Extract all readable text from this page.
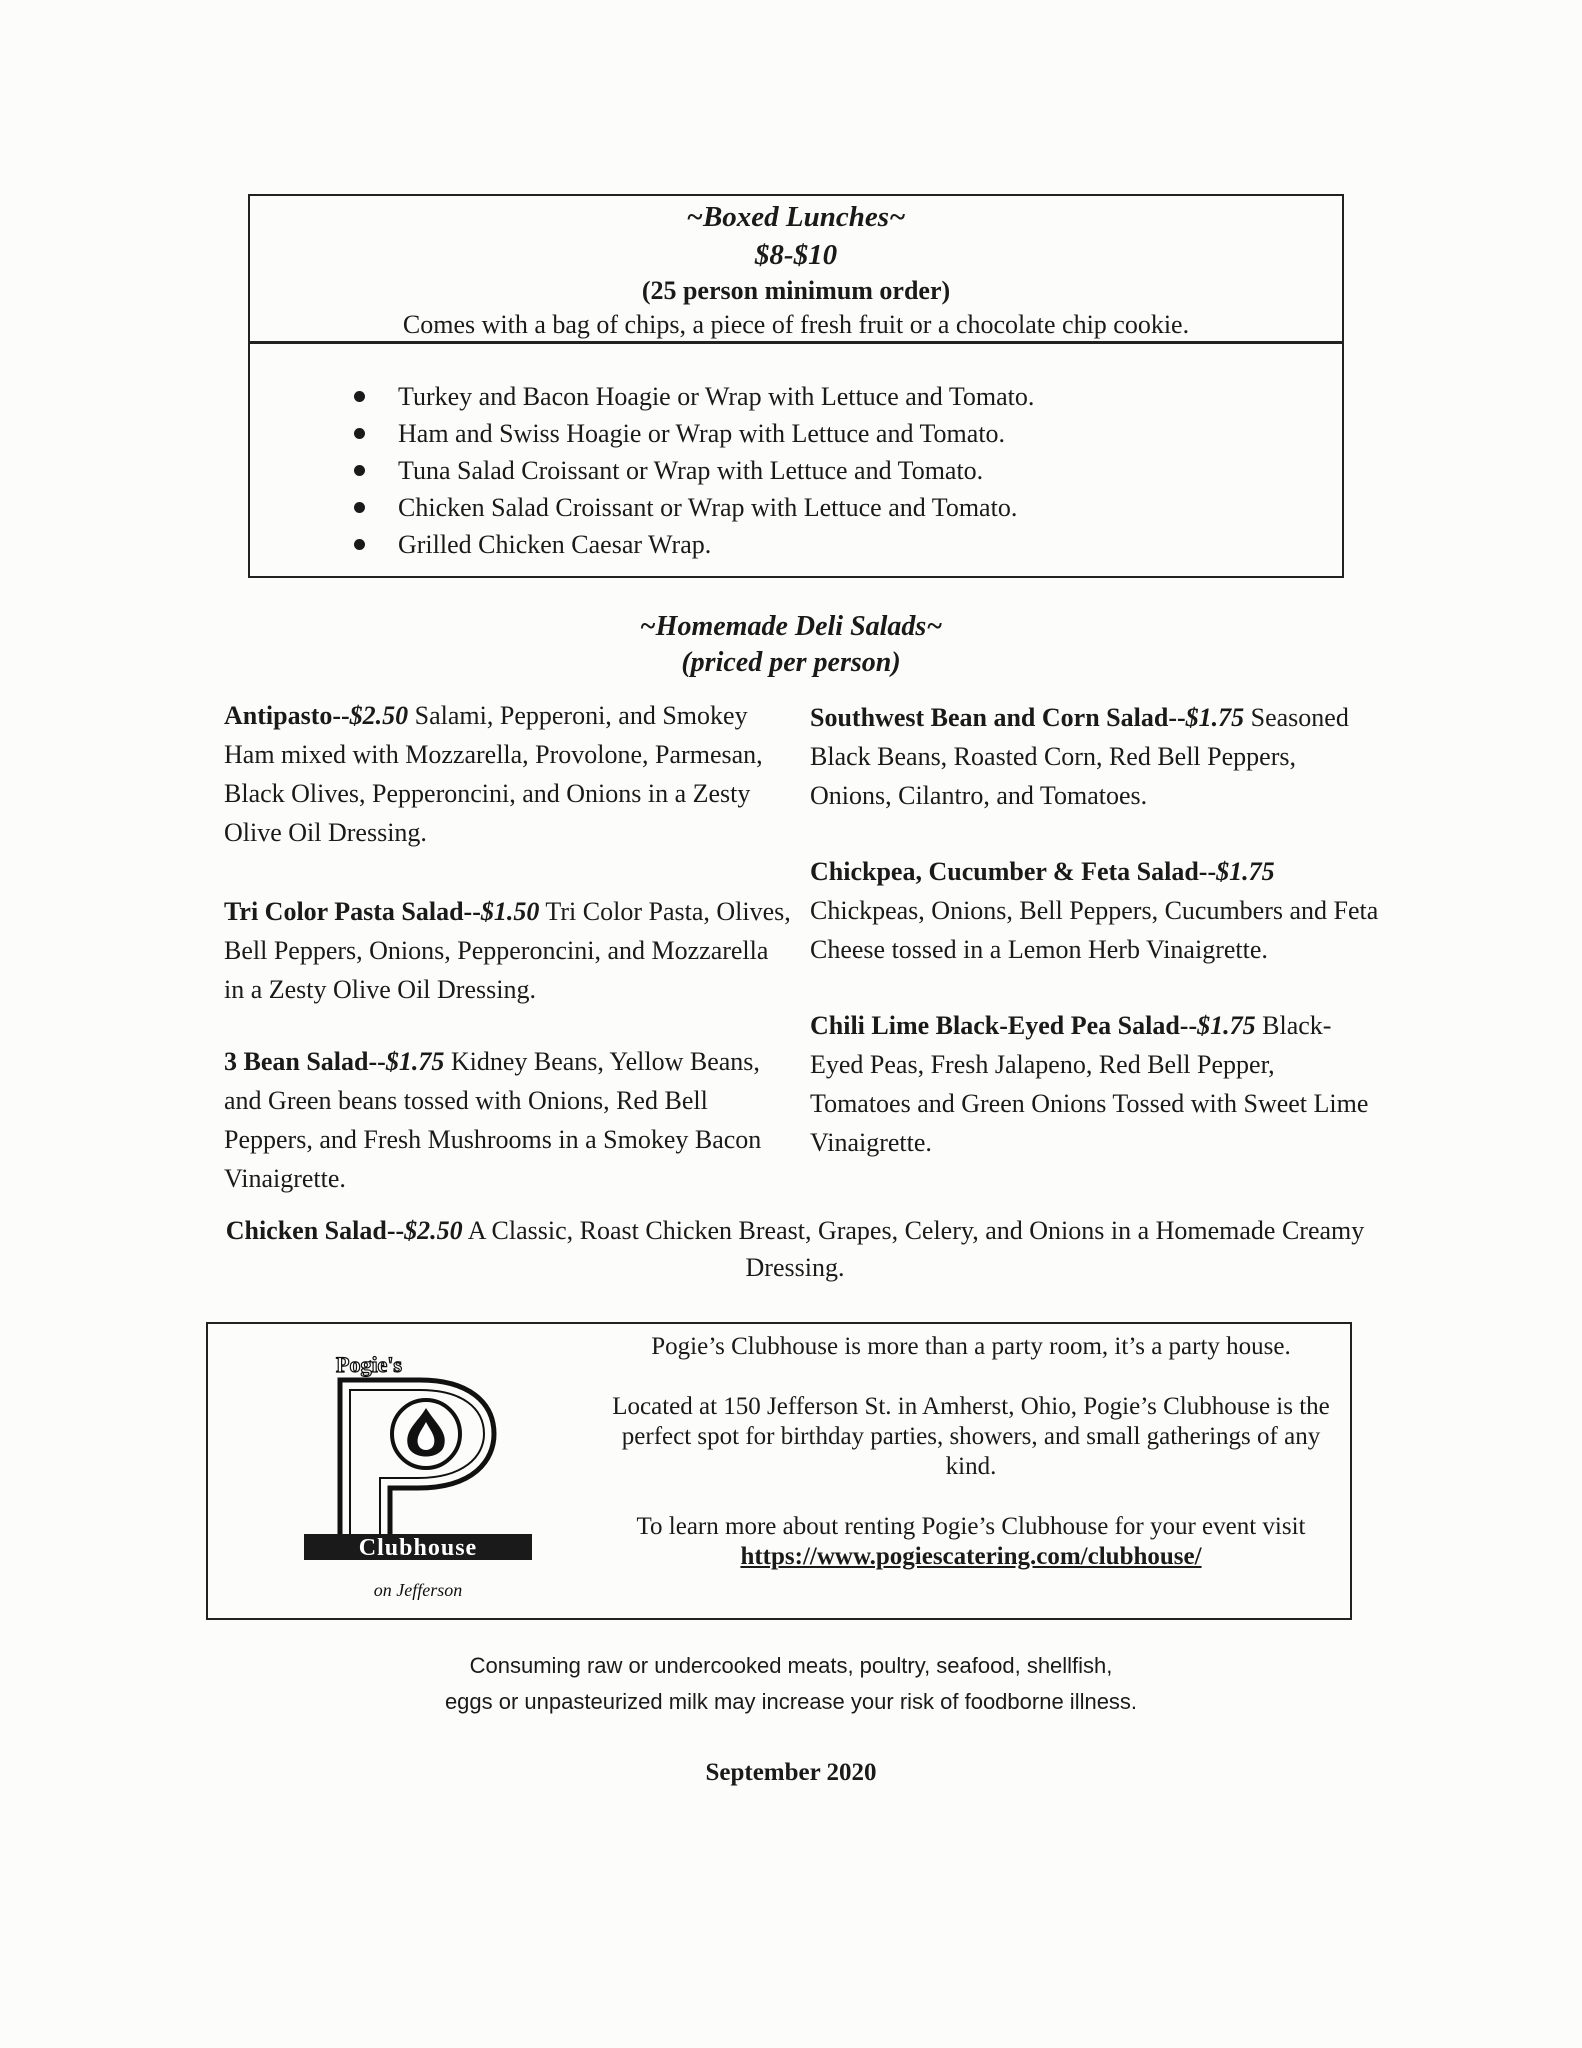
~Boxed Lunches~
$8-$10
(25 person minimum order)
Comes with a bag of chips, a piece of fresh fruit or a chocolate chip cookie.
Turkey and Bacon Hoagie or Wrap with Lettuce and Tomato.
Ham and Swiss Hoagie or Wrap with Lettuce and Tomato.
Tuna Salad Croissant or Wrap with Lettuce and Tomato.
Chicken Salad Croissant or Wrap with Lettuce and Tomato.
Grilled Chicken Caesar Wrap.
~Homemade Deli Salads~
(priced per person)
Antipasto--$2.50 Salami, Pepperoni, and Smokey Ham mixed with Mozzarella, Provolone, Parmesan, Black Olives, Pepperoncini, and Onions in a Zesty Olive Oil Dressing.
Tri Color Pasta Salad--$1.50 Tri Color Pasta, Olives, Bell Peppers, Onions, Pepperoncini, and Mozzarella in a Zesty Olive Oil Dressing.
3 Bean Salad--$1.75 Kidney Beans, Yellow Beans, and Green beans tossed with Onions, Red Bell Peppers, and Fresh Mushrooms in a Smokey Bacon Vinaigrette.
Southwest Bean and Corn Salad--$1.75 Seasoned Black Beans, Roasted Corn, Red Bell Peppers, Onions, Cilantro, and Tomatoes.
Chickpea, Cucumber & Feta Salad--$1.75 Chickpeas, Onions, Bell Peppers, Cucumbers and Feta Cheese tossed in a Lemon Herb Vinaigrette.
Chili Lime Black-Eyed Pea Salad--$1.75 Black-Eyed Peas, Fresh Jalapeno, Red Bell Pepper, Tomatoes and Green Onions Tossed with Sweet Lime Vinaigrette.
Chicken Salad--$2.50 A Classic, Roast Chicken Breast, Grapes, Celery, and Onions in a Homemade Creamy Dressing.
Pogie's
Clubhouse
on Jefferson

Pogie’s Clubhouse is more than a party room, it’s a party house.

Located at 150 Jefferson St. in Amherst, Ohio, Pogie’s Clubhouse is the perfect spot for birthday parties, showers, and small gatherings of any kind.

To learn more about renting Pogie’s Clubhouse for your event visit https://www.pogiescatering.com/clubhouse/

Consuming raw or undercooked meats, poultry, seafood, shellfish,
eggs or unpasteurized milk may increase your risk of foodborne illness.
September 2020
